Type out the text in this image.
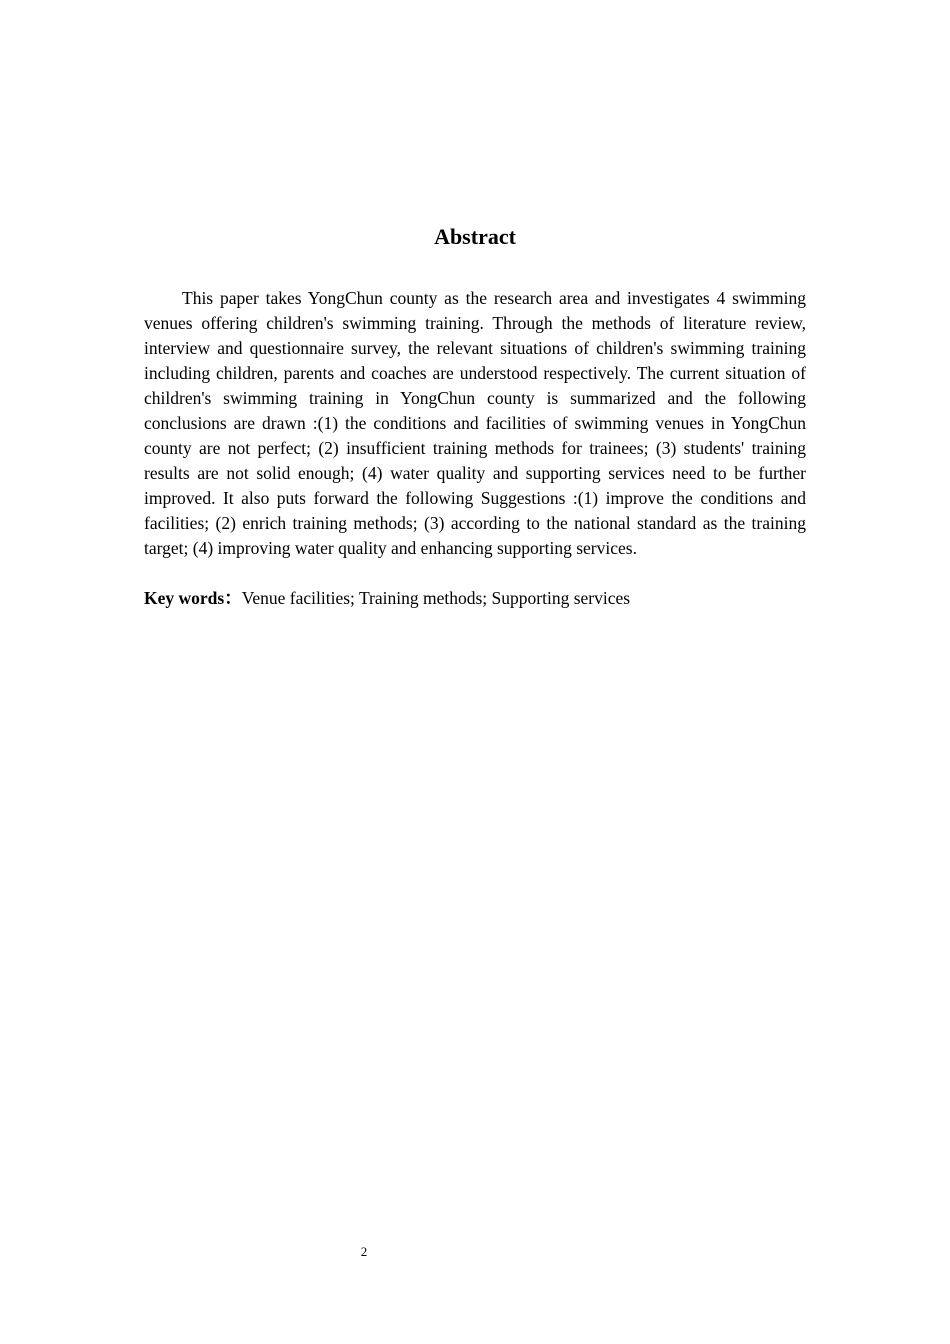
Abstract

This paper takes YongChun county as the research area and investigates 4 swimming venues offering children's swimming training. Through the methods of literature review, interview and questionnaire survey, the relevant situations of children's swimming training including children, parents and coaches are understood respectively. The current situation of children's swimming training in YongChun county is summarized and the following conclusions are drawn :(1) the conditions and facilities of swimming venues in YongChun county are not perfect; (2) insufficient training methods for trainees; (3) students' training results are not solid enough; (4) water quality and supporting services need to be further improved. It also puts forward the following Suggestions :(1) improve the conditions and facilities; (2) enrich training methods; (3) according to the national standard as the training target; (4) improving water quality and enhancing supporting services.

Key words：Venue facilities; Training methods; Supporting services

2
